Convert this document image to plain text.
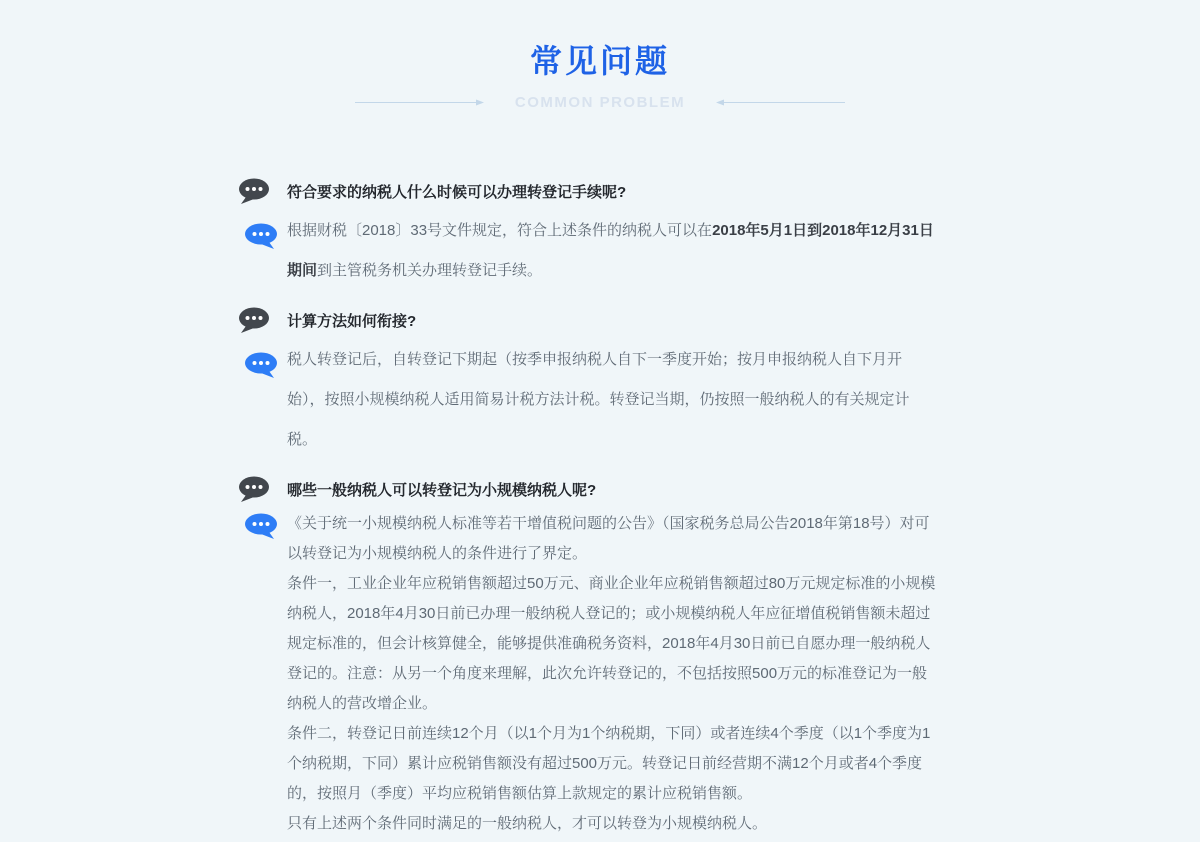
常见问题
COMMON PROBLEM
符合要求的纳税人什么时候可以办理转登记手续呢?
根据财税〔2018〕33号文件规定，符合上述条件的纳税人可以在2018年5月1日到2018年12月31日期间到主管税务机关办理转登记手续。
计算方法如何衔接?
税人转登记后，自转登记下期起（按季申报纳税人自下一季度开始；按月申报纳税人自下月开始），按照小规模纳税人适用简易计税方法计税。转登记当期，仍按照一般纳税人的有关规定计税。
哪些一般纳税人可以转登记为小规模纳税人呢?

《关于统一小规模纳税人标准等若干增值税问题的公告》（国家税务总局公告2018年第18号）对可以转登记为小规模纳税人的条件进行了界定。

条件一，工业企业年应税销售额超过50万元、商业企业年应税销售额超过80万元规定标准的小规模纳税人，2018年4月30日前已办理一般纳税人登记的；或小规模纳税人年应征增值税销售额未超过规定标准的，但会计核算健全，能够提供准确税务资料，2018年4月30日前已自愿办理一般纳税人登记的。注意：从另一个角度来理解，此次允许转登记的，不包括按照500万元的标准登记为一般纳税人的营改增企业。

条件二，转登记日前连续12个月（以1个月为1个纳税期，下同）或者连续4个季度（以1个季度为1个纳税期，下同）累计应税销售额没有超过500万元。转登记日前经营期不满12个月或者4个季度的，按照月（季度）平均应税销售额估算上款规定的累计应税销售额。

只有上述两个条件同时满足的一般纳税人，才可以转登为小规模纳税人。
